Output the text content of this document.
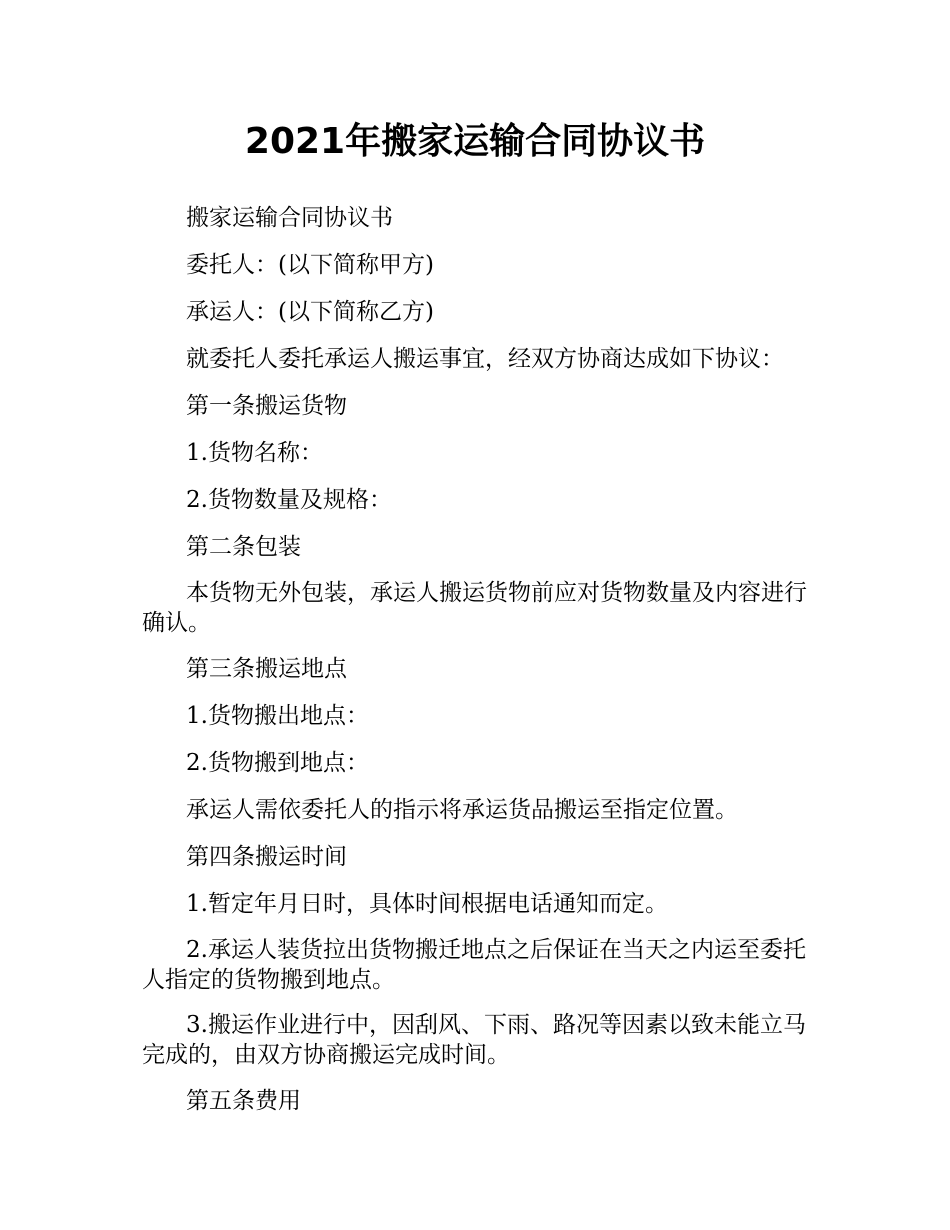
2021年搬家运输合同协议书

搬家运输合同协议书

委托人：(以下简称甲方)

承运人：(以下简称乙方)

就委托人委托承运人搬运事宜，经双方协商达成如下协议：

第一条搬运货物

1.货物名称：

2.货物数量及规格：

第二条包装

本货物无外包装，承运人搬运货物前应对货物数量及内容进行确认。

第三条搬运地点

1.货物搬出地点：

2.货物搬到地点：

承运人需依委托人的指示将承运货品搬运至指定位置。

第四条搬运时间

1.暂定年月日时，具体时间根据电话通知而定。

2.承运人装货拉出货物搬迁地点之后保证在当天之内运至委托人指定的货物搬到地点。

3.搬运作业进行中，因刮风、下雨、路况等因素以致未能立马完成的，由双方协商搬运完成时间。

第五条费用
